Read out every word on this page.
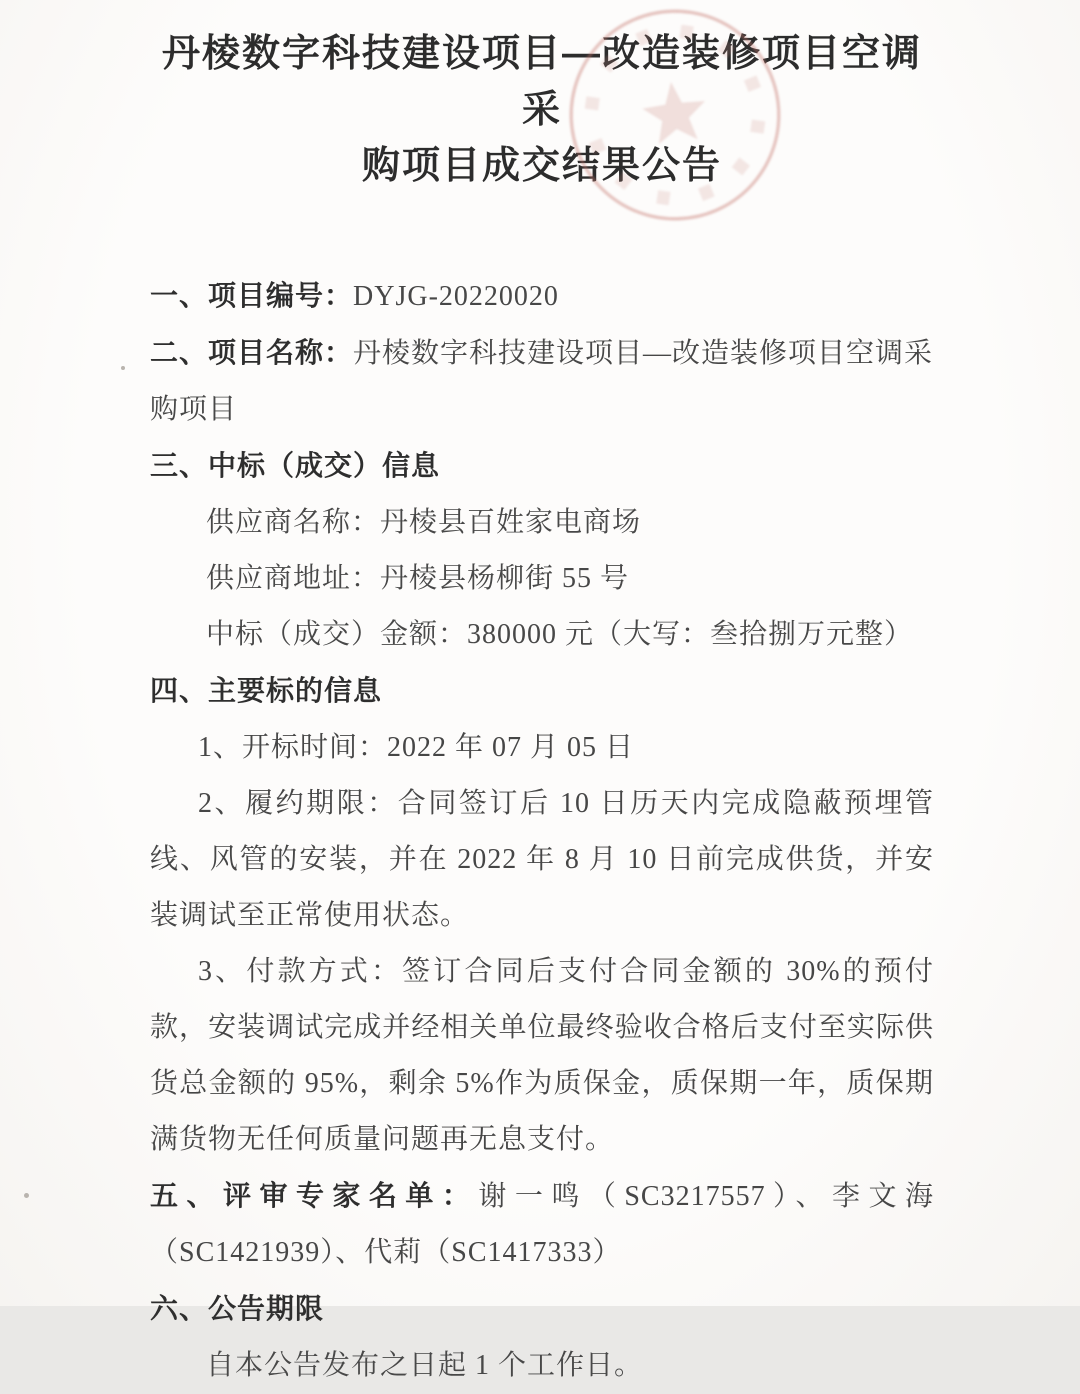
丹棱数字科技建设项目—改造装修项目空调采
购项目成交结果公告

一、项目编号：DYJG-20220020

二、项目名称：丹棱数字科技建设项目—改造装修项目空调采购项目

三、中标（成交）信息

供应商名称：丹棱县百姓家电商场

供应商地址：丹棱县杨柳街 55 号

中标（成交）金额：380000 元（大写：叁拾捌万元整）

四、主要标的信息

1、开标时间：2022 年 07 月 05 日

2、履约期限：合同签订后 10 日历天内完成隐蔽预埋管线、风管的安装，并在 2022 年 8 月 10 日前完成供货，并安装调试至正常使用状态。

3、付款方式：签订合同后支付合同金额的 30%的预付款，安装调试完成并经相关单位最终验收合格后支付至实际供货总金额的 95%，剩余 5%作为质保金，质保期一年，质保期满货物无任何质量问题再无息支付。

五、评审专家名单：谢一鸣（SC3217557）、李文海（SC1421939）、代莉（SC1417333）

六、公告期限

自本公告发布之日起 1 个工作日。
